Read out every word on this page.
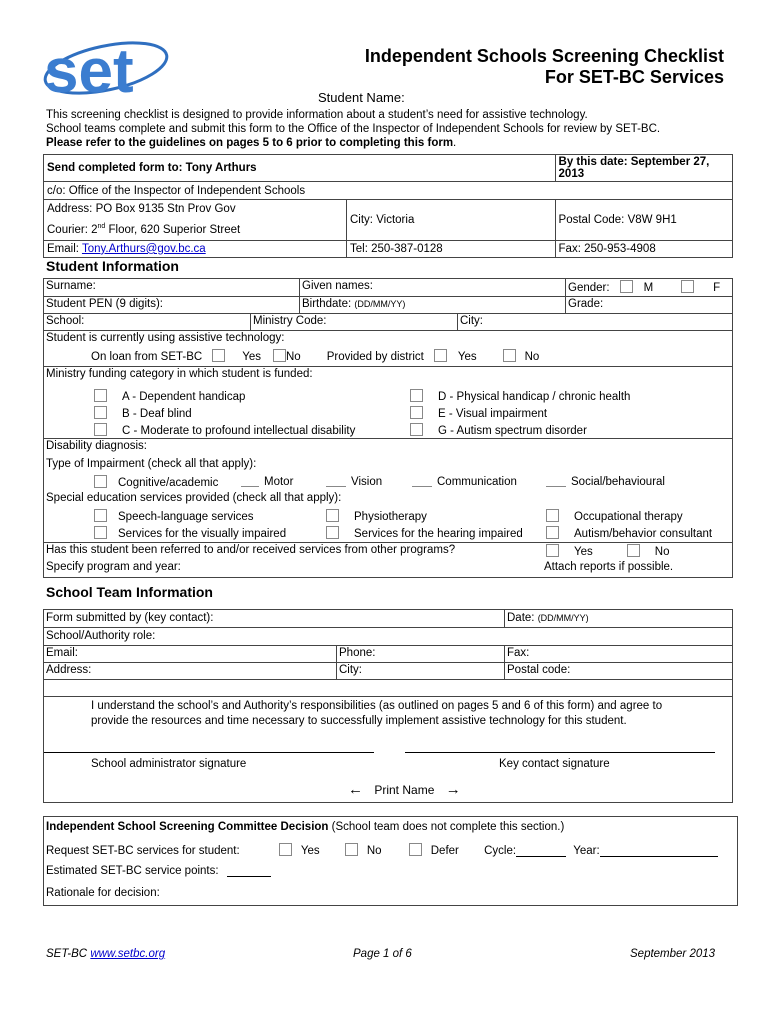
set	Independent Schools Screening Checklist
For SET-BC Services
Student Name:
This screening checklist is designed to provide information about a student’s need for assistive technology.
School teams complete and submit this form to the Office of the Inspector of Independent Schools for review by SET-BC.
Please refer to the guidelines on pages 5 to 6 prior to completing this form.
Send completed form to: Tony Arthurs		By this date: September 27, 2013
c/o: Office of the Inspector of Independent Schools		

Address: PO Box 9135 Stn Prov Gov
Courier: 2nd Floor, 620 Superior Street	City: Victoria	Postal Code: V8W 9H1
Email: Tony.Arthurs@gov.bc.ca	Tel: 250-387-0128	Fax: 250-953-4908
Student Information
Surname:	Given names:	Gender:	M	F
Student PEN (9 digits):	Birthdate: (DD/MM/YY)	Grade:
School:	Ministry Code:	City:
Student is currently using assistive technology:
On loan from SET-BC	Yes No Provided by district	Yes	No
Ministry funding category in which student is funded:
A - Dependent handicap
B - Deaf blind
C - Moderate to profound intellectual disability
D - Physical handicap / chronic health
E - Visual impairment
G - Autism spectrum disorder
Disability diagnosis:
Type of Impairment (check all that apply):
Cognitive/academic	Motor	Vision	Communication	Social/behavioural
Special education services provided (check all that apply):
Speech-language services	Physiotherapy	Occupational therapy
Services for the visually impaired	Services for the hearing impaired	Autism/behavior consultant
Has this student been referred to and/or received services from other programs?	Yes	No
Specify program and year:	Attach reports if possible.
School Team Information
Form submitted by (key contact):	Date: (DD/MM/YY)
School/Authority role:
Email:	Phone:	Fax:
Address:	City:	Postal code:
I understand the school’s and Authority’s responsibilities (as outlined on pages 5 and 6 of this form) and agree to
provide the resources and time necessary to successfully implement assistive technology for this student.
School administrator signature	Key contact signature
← Print Name →
Independent School Screening Committee Decision (School team does not complete this section.)
Request SET-BC services for student:	Yes	No	Defer Cycle:	Year:
Estimated SET-BC service points:
Rationale for decision:
SET-BC www.setbc.org	Page 1 of 6	September 2013
